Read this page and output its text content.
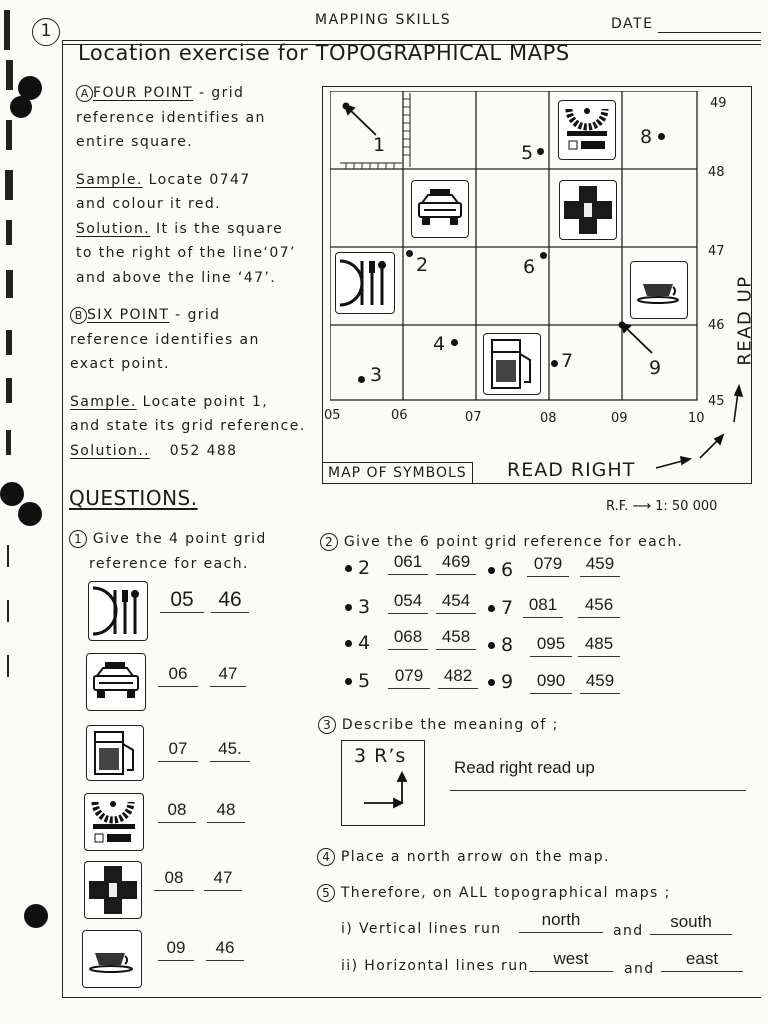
1
MAPPING SKILLS	DATE
Location exercise for TOPOGRAPHICAL MAPS
A FOUR POINT - grid
reference identifies an
entire square.
Sample. Locate 0747
and colour it red.
Solution. It is the square
to the right of the line‘07’
and above the line ‘47’.
B SIX POINT - grid
reference identifies an
exact point.
Sample. Locate point 1,
and state its grid reference.
Solution.. 052 488
1
2
3
4
5
6
7
8
9
05	06	07	08	09	10
49
48
47
46
45
READ UP
MAP OF SYMBOLS	READ RIGHT
R.F. ⟶ 1: 50 000
QUESTIONS.
1 Give the 4 point grid
reference for each.
05	46
06	47
07	45.
08	48
08	47
09	46
2 Give the 6 point grid reference for each.
2	061	469	6	079	459
3	054	454	7 081	456
4	068	458	8	095	485
5	079	482	9	090	459
3 Describe the meaning of ;
3 R’s
Read right read up
4 Place a north arrow on the map.
5 Therefore, on ALL topographical maps ;
i) Vertical lines run	north
and	south
ii) Horizontal lines run	west
and
east
